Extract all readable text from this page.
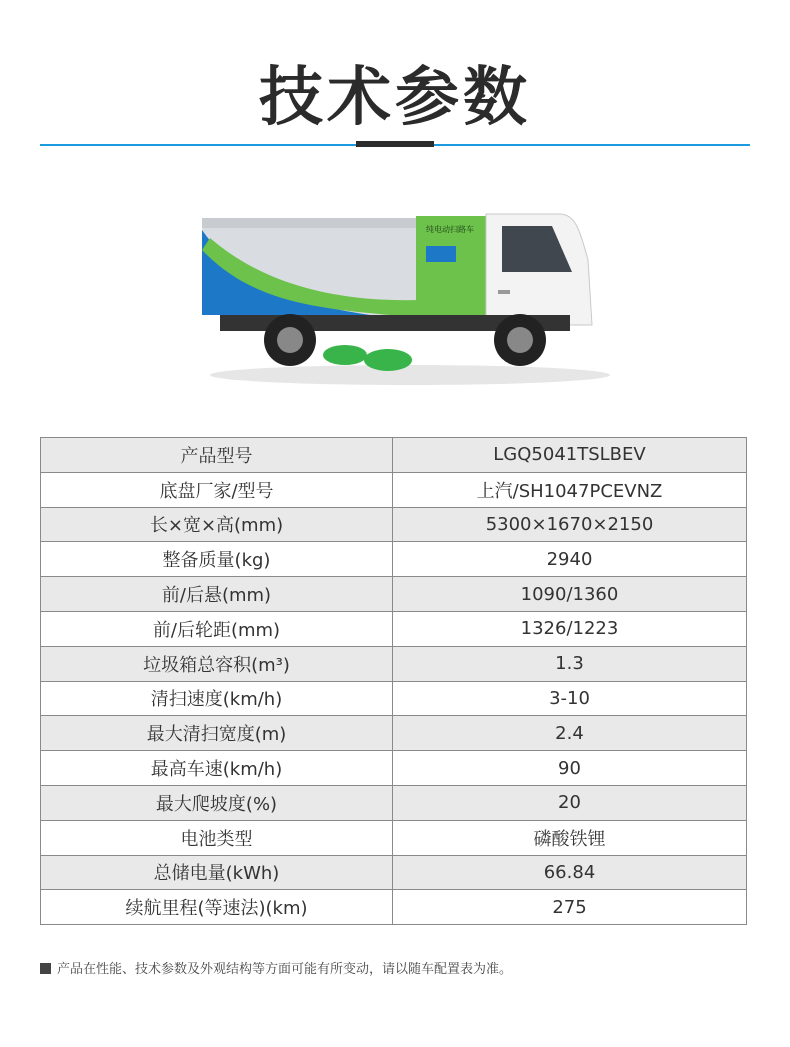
技术参数
纯电动扫路车
产品型号	LGQ5041TSLBEV
底盘厂家/型号	上汽/SH1047PCEVNZ
长×宽×高(mm)	5300×1670×2150
整备质量(kg)	2940
前/后悬(mm)	1090/1360
前/后轮距(mm)	1326/1223
垃圾箱总容积(m³)	1.3
清扫速度(km/h)	3-10
最大清扫宽度(m)	2.4
最高车速(km/h)	90
最大爬坡度(%)	20
电池类型	磷酸铁锂
总储电量(kWh)	66.84
续航里程(等速法)(km)	275
产品在性能、技术参数及外观结构等方面可能有所变动，请以随车配置表为准。
